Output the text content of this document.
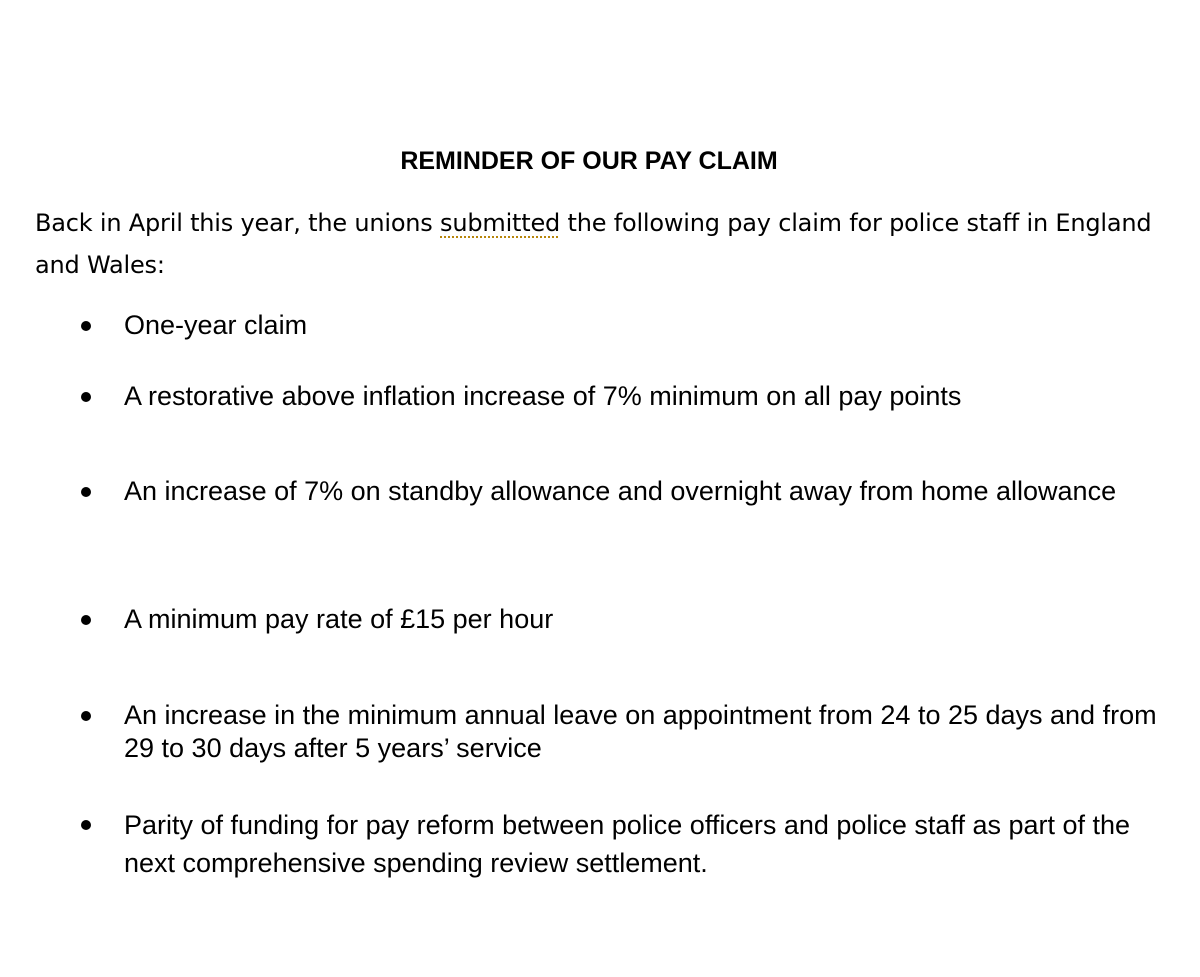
REMINDER OF OUR PAY CLAIM

Back in April this year, the unions submitted the following pay claim for police staff in England and Wales:

One-year claim
A restorative above inflation increase of 7% minimum on all pay points
An increase of 7% on standby allowance and overnight away from home allowance
A minimum pay rate of £15 per hour
An increase in the minimum annual leave on appointment from 24 to 25 days and from 29 to 30 days after 5 years’ service
Parity of funding for pay reform between police officers and police staff as part of the next comprehensive spending review settlement.
